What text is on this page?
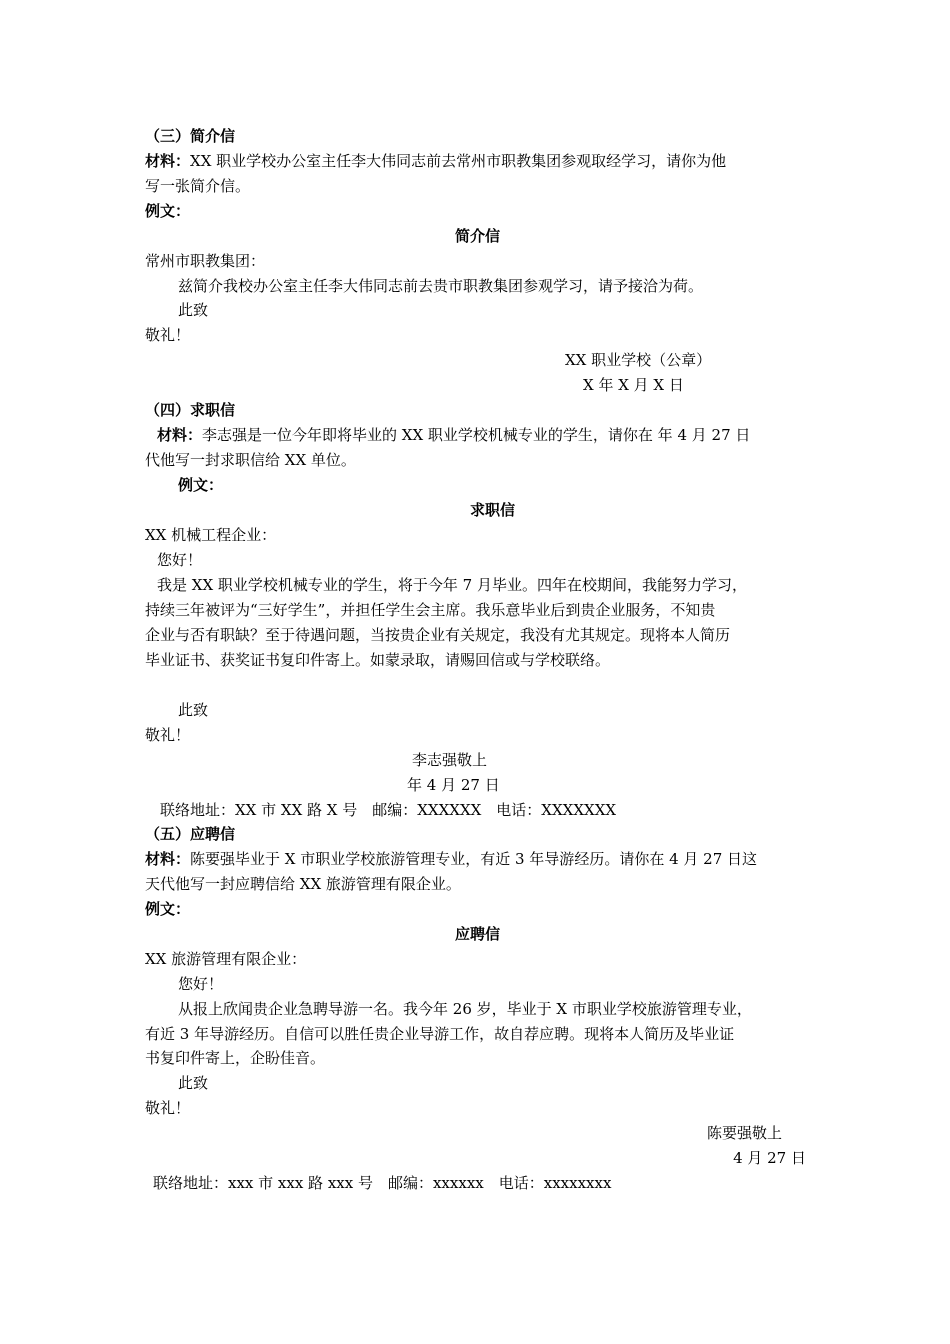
（三）简介信
材料：XX 职业学校办公室主任李大伟同志前去常州市职教集团参观取经学习，请你为他
写一张简介信。
例文：
简介信
常州市职教集团：
兹简介我校办公室主任李大伟同志前去贵市职教集团参观学习，请予接洽为荷。
此致
敬礼！
XX 职业学校（公章）
X 年 X 月 X 日
（四）求职信
材料：李志强是一位今年即将毕业的 XX 职业学校机械专业的学生，请你在 年 4 月 27 日
代他写一封求职信给 XX 单位。
例文：
求职信
XX 机械工程企业：
您好！
我是 XX 职业学校机械专业的学生，将于今年 7 月毕业。四年在校期间，我能努力学习，
持续三年被评为“三好学生”，并担任学生会主席。我乐意毕业后到贵企业服务，不知贵
企业与否有职缺？至于待遇问题，当按贵企业有关规定，我没有尤其规定。现将本人简历
毕业证书、获奖证书复印件寄上。如蒙录取，请赐回信或与学校联络。
此致
敬礼！
李志强敬上
年 4 月 27 日
联络地址：XX 市 XX 路 X 号　邮编：XXXXXX　电话：XXXXXXX
（五）应聘信
材料：陈要强毕业于 X 市职业学校旅游管理专业，有近 3 年导游经历。请你在 4 月 27 日这
天代他写一封应聘信给 XX 旅游管理有限企业。
例文：
应聘信
XX 旅游管理有限企业：
您好！
从报上欣闻贵企业急聘导游一名。我今年 26 岁，毕业于 X 市职业学校旅游管理专业，
有近 3 年导游经历。自信可以胜任贵企业导游工作，故自荐应聘。现将本人简历及毕业证
书复印件寄上，企盼佳音。
此致
敬礼！
陈要强敬上
4 月 27 日
联络地址：xxx 市 xxx 路 xxx 号　邮编：xxxxxx　电话：xxxxxxxx
